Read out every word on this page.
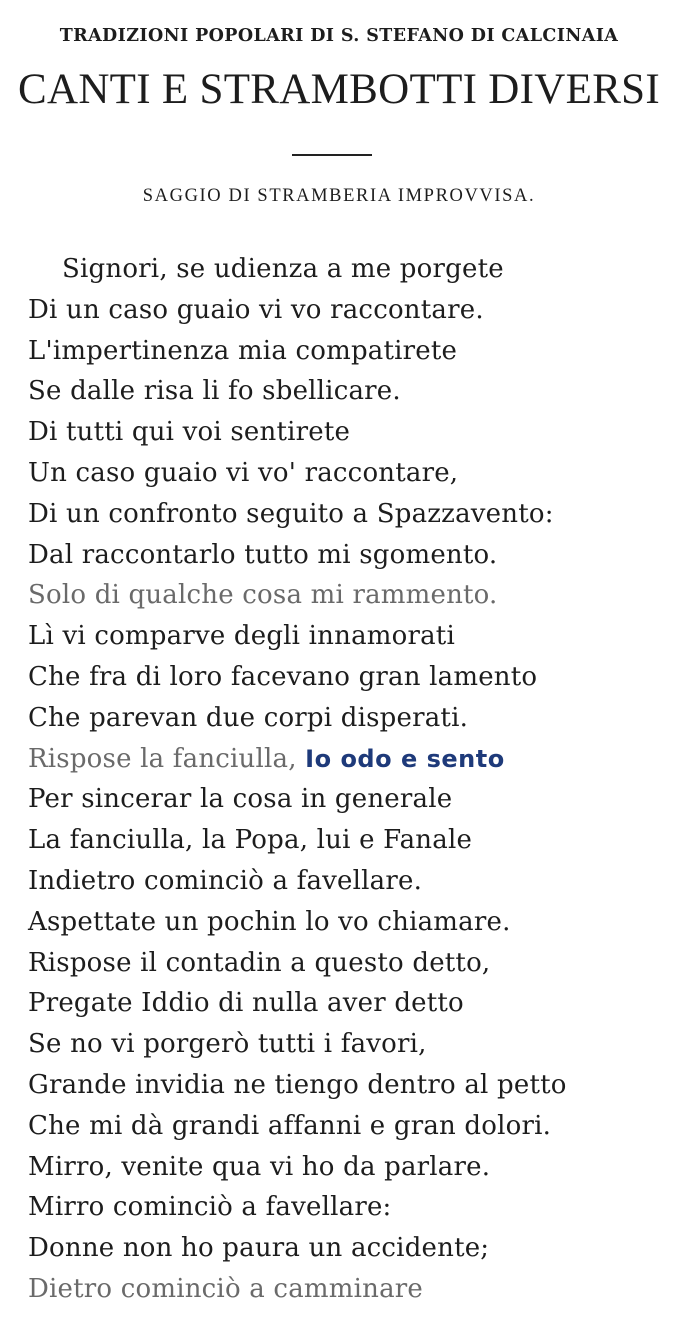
TRADIZIONI POPOLARI DI S. STEFANO DI CALCINAIA
CANTI E STRAMBOTTI DIVERSI
SAGGIO DI STRAMBERIA IMPROVVISA.
Signori, se udienza a me porgete
Di un caso guaio vi vo raccontare.
L'impertinenza mia compatirete
Se dalle risa li fo sbellicare.
Di tutti qui voi sentirete
Un caso guaio vi vo' raccontare,
Di un confronto seguito a Spazzavento:
Dal raccontarlo tutto mi sgomento.
Solo di qualche cosa mi rammento.
Lì vi comparve degli innamorati
Che fra di loro facevano gran lamento
Che parevan due corpi disperati.
Rispose la fanciulla, Io odo e sento
Per sincerar la cosa in generale
La fanciulla, la Popa, lui e Fanale
Indietro cominciò a favellare.
Aspettate un pochin lo vo chiamare.
Rispose il contadin a questo detto,
Pregate Iddio di nulla aver detto
Se no vi porgerò tutti i favori,
Grande invidia ne tiengo dentro al petto
Che mi dà grandi affanni e gran dolori.
Mirro, venite qua vi ho da parlare.
Mirro cominciò a favellare:
Donne non ho paura un accidente;
Dietro cominciò a camminare
